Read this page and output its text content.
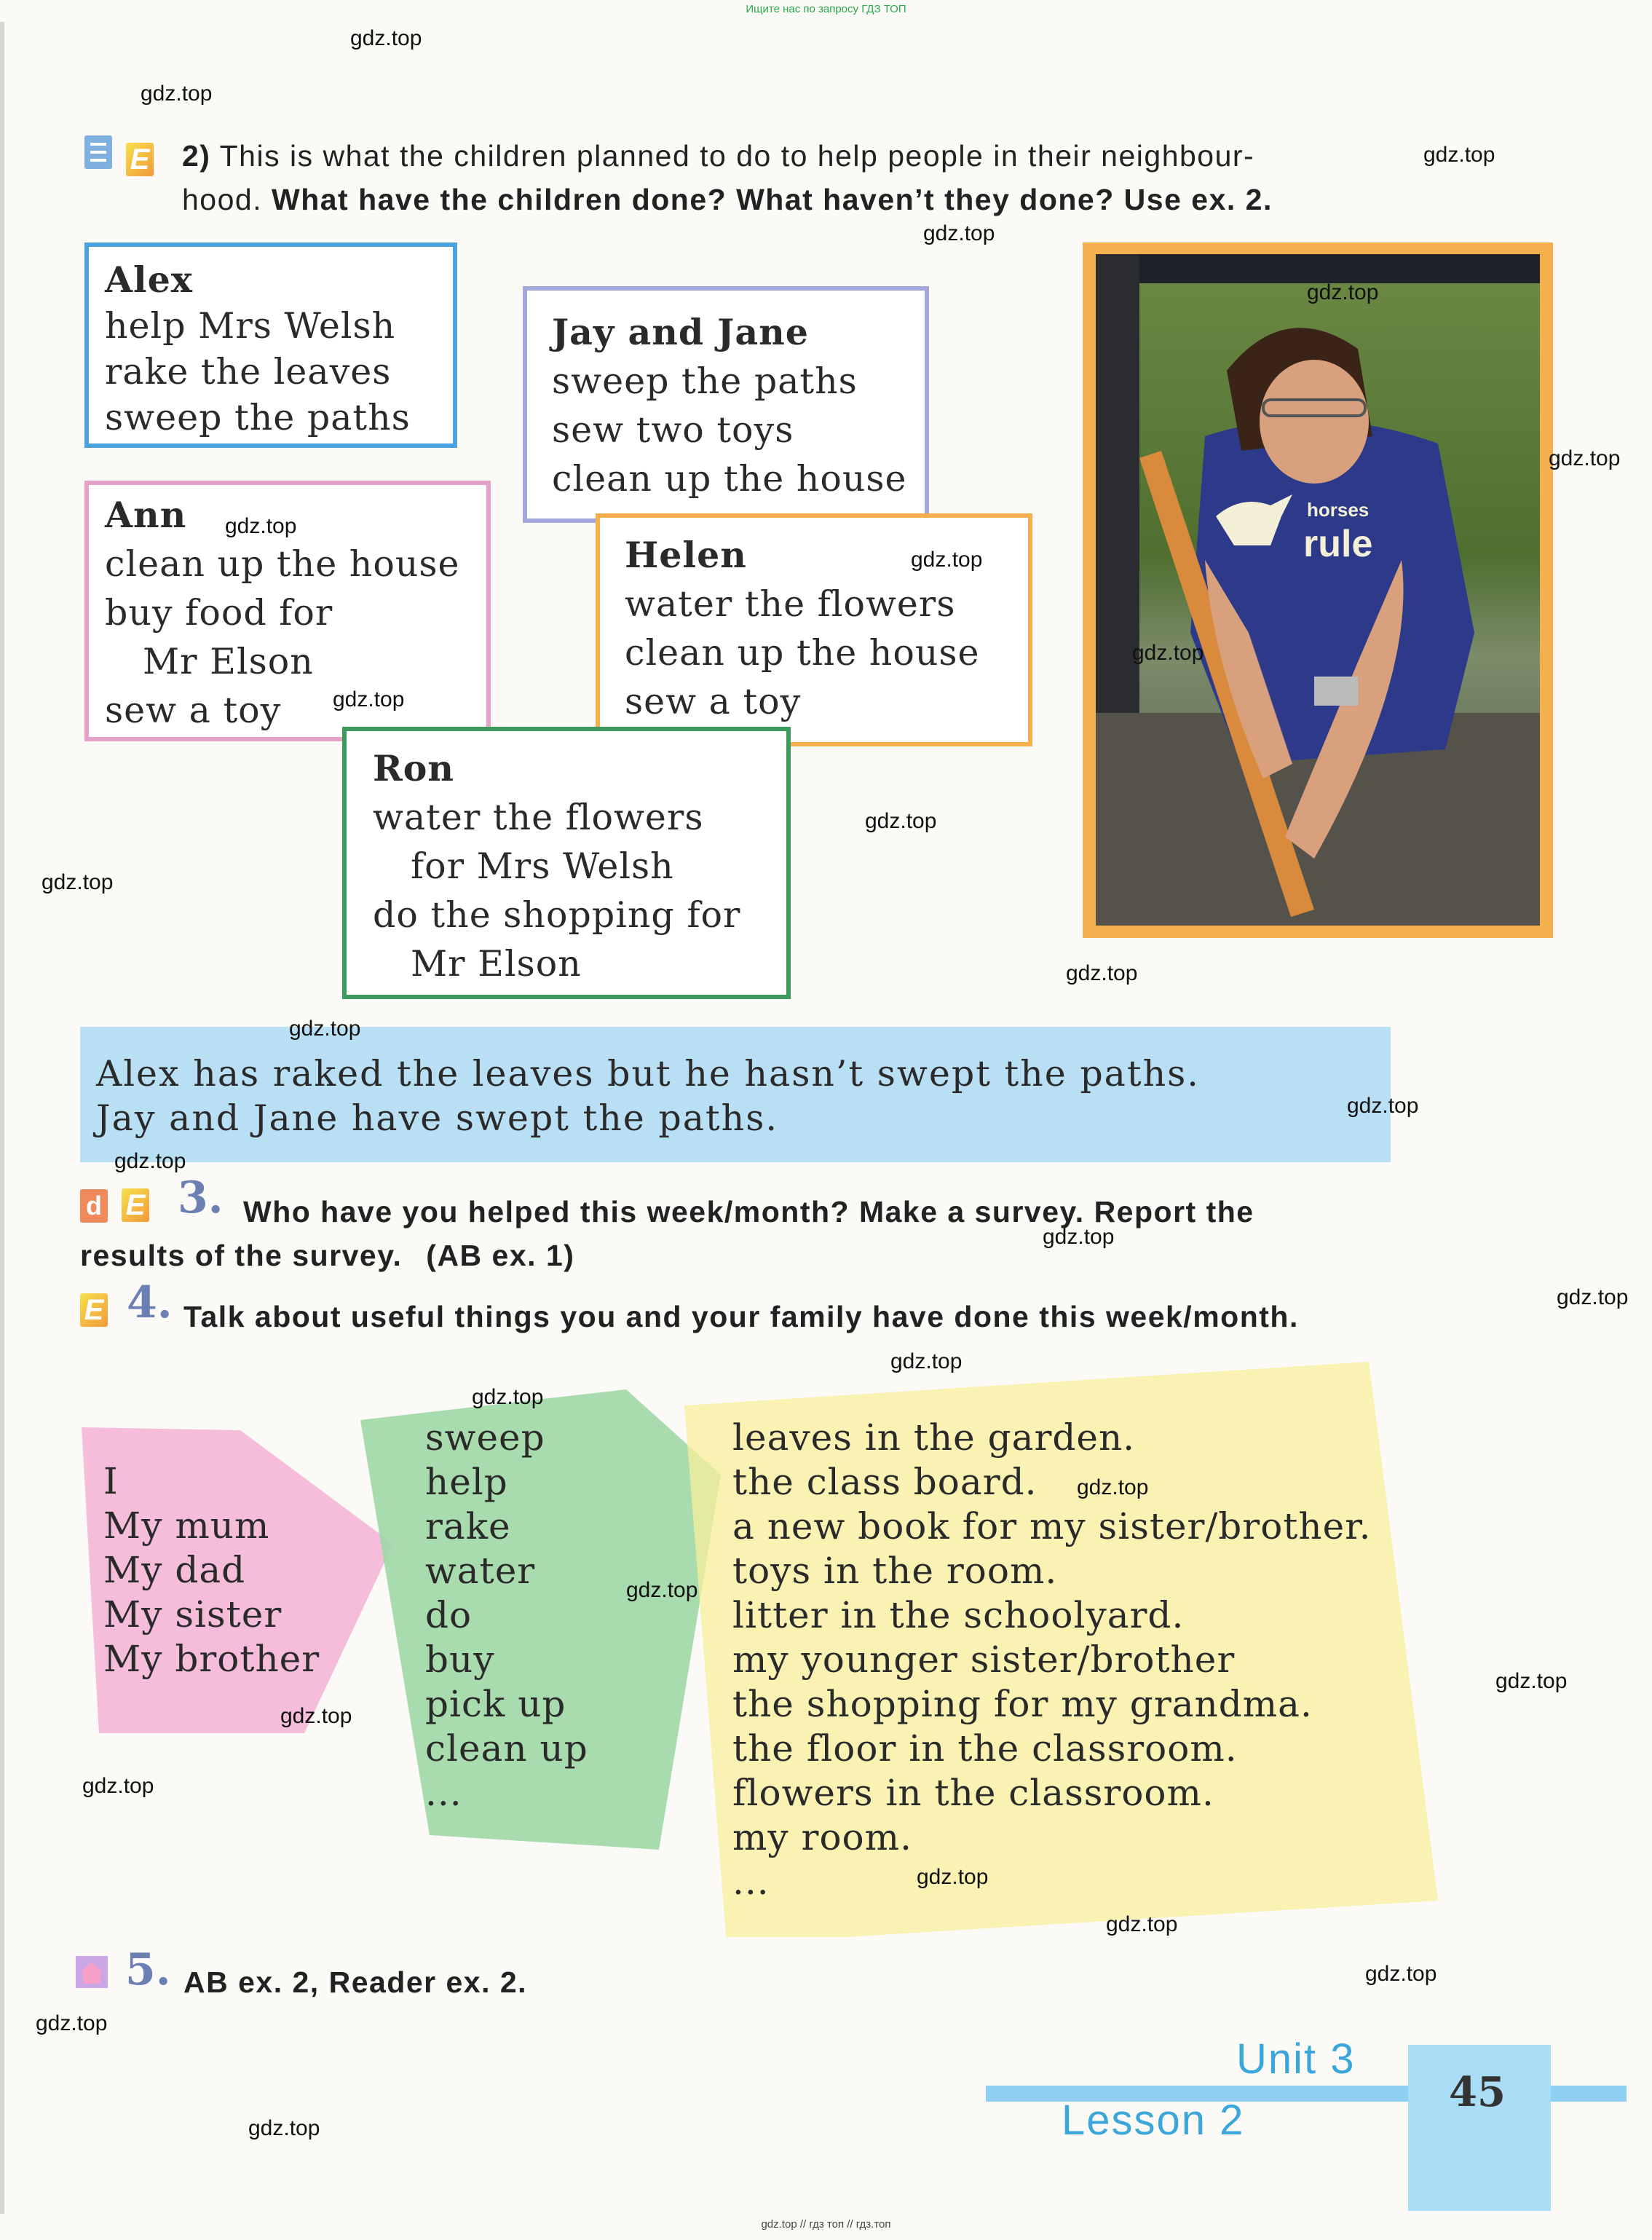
Ищите нас по запросу ГДЗ ТОП
E 2) This is what the children planned to do to help people in their neighbour-
hood. What have the children done? What haven’t they done? Use ex. 2.
Alex
help Mrs Welsh
rake the leaves
sweep the paths
Jay and Jane
sweep the paths
sew two toys
clean up the house
Ann
clean up the house
buy food for
Mr Elson
sew a toy
Helen
water the flowers
clean up the house
sew a toy
Ron
water the flowers
for Mrs Welsh
do the shopping for
Mr Elson
horses
rule
Alex has raked the leaves but he hasn’t swept the paths.
Jay and Jane have swept the paths.
d E 3. Who have you helped this week/month? Make a survey. Report the
results of the survey. (AB ex. 1)
E 4. Talk about useful things you and your family have done this week/month.
I
My mum
My dad
My sister
My brother
sweep
help
rake
water
do
buy
pick up
clean up
...
leaves in the garden.
the class board.
a new book for my sister/brother.
toys in the room.
litter in the schoolyard.
my younger sister/brother
the shopping for my grandma.
the floor in the classroom.
flowers in the classroom.
my room.
...
5. AB ex. 2, Reader ex. 2.
Unit 3
Lesson 2
45
gdz.top // гдз топ // гдз.топ
gdz.top
gdz.top
gdz.top
gdz.top
gdz.top
gdz.top
gdz.top
gdz.top
gdz.top
gdz.top
gdz.top
gdz.top
gdz.top
gdz.top
gdz.top
gdz.top
gdz.top
gdz.top
gdz.top
gdz.top
gdz.top
gdz.top
gdz.top
gdz.top
gdz.top
gdz.top
gdz.top
gdz.top
gdz.top
gdz.top
